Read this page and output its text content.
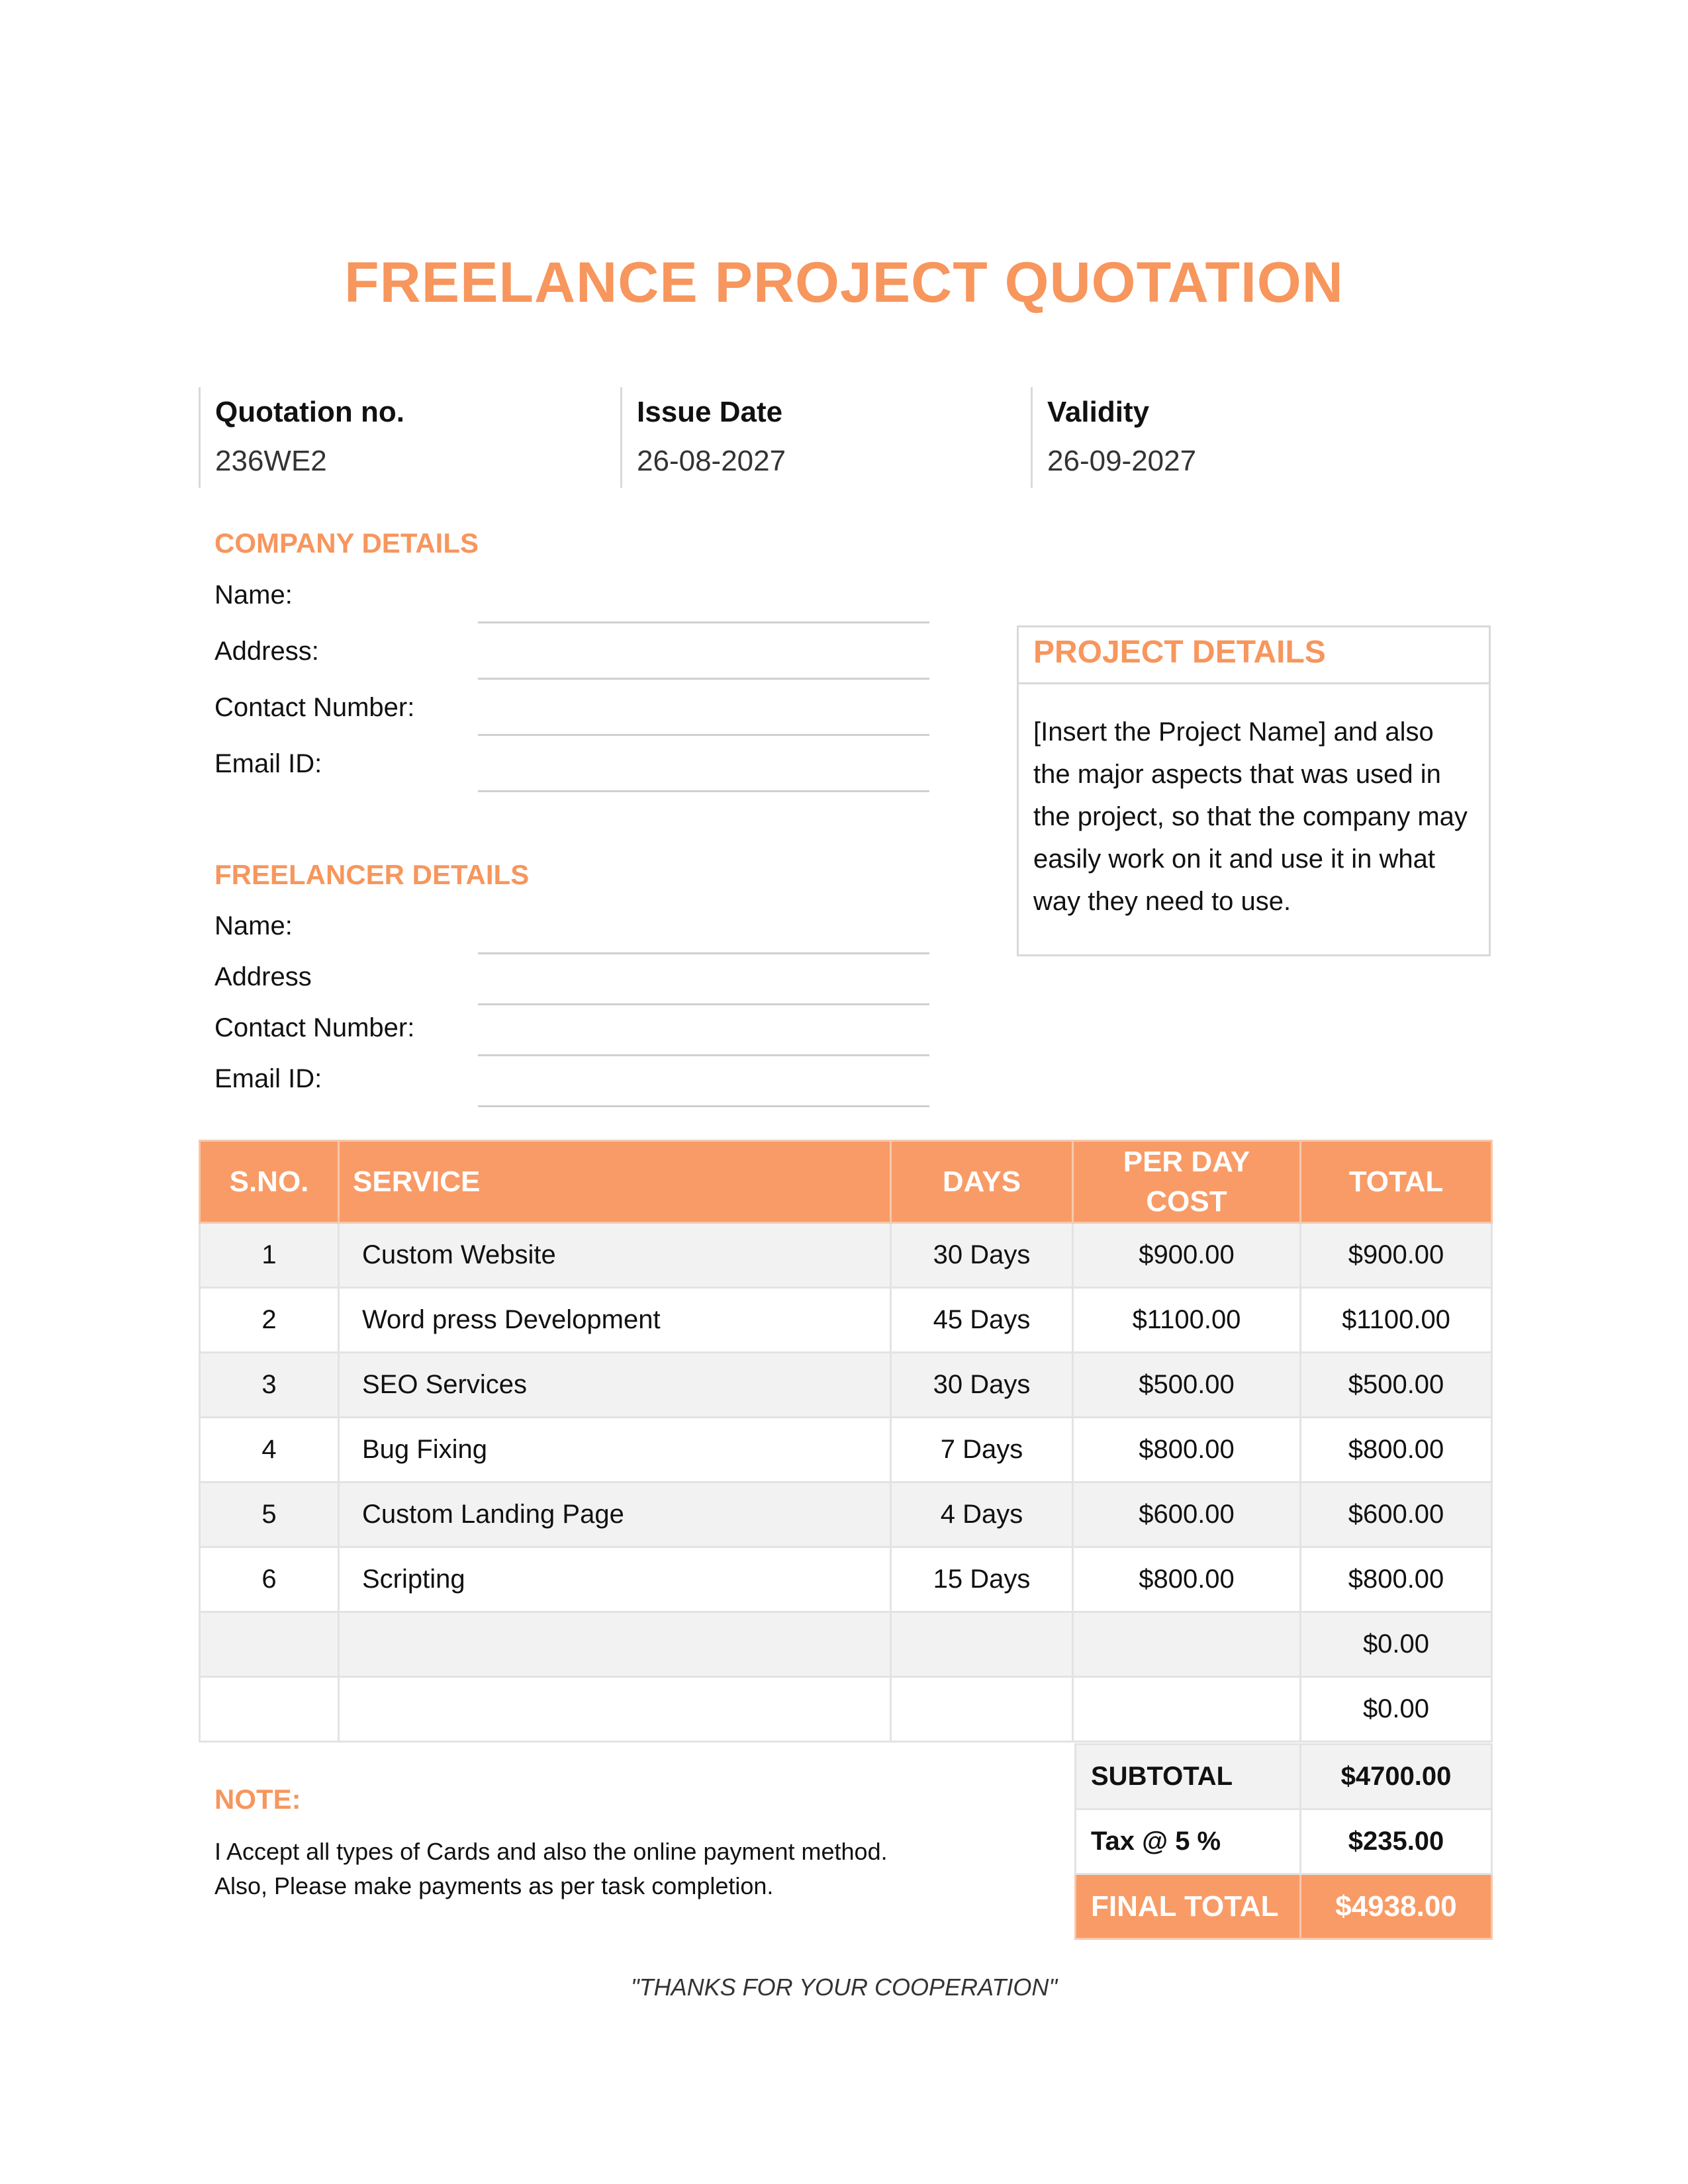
FREELANCE PROJECT QUOTATION
Quotation no.
236WE2
Issue Date
26-08-2027
Validity
26-09-2027
COMPANY DETAILS
Name:
Address:
Contact Number:
Email ID:
FREELANCER DETAILS
Name:
Address
Contact Number:
Email ID:
PROJECT DETAILS
[Insert the Project Name] and also the major aspects that was used in the project, so that the company may easily work on it and use it in what way they need to use.
S.NO.	SERVICE	DAYS	PER DAY COST	TOTAL
1	Custom Website	30 Days	$900.00	$900.00
2	Word press Development	45 Days	$1100.00	$1100.00
3	SEO Services	30 Days	$500.00	$500.00
4	Bug Fixing	7 Days	$800.00	$800.00
5	Custom Landing Page	4 Days	$600.00	$600.00
6	Scripting	15 Days	$800.00	$800.00
				$0.00
				$0.00
SUBTOTAL	$4700.00
Tax @ 5 %	$235.00
FINAL TOTAL	$4938.00
NOTE:
I Accept all types of Cards and also the online payment method.
Also, Please make payments as per task completion.
"THANKS FOR YOUR COOPERATION"
